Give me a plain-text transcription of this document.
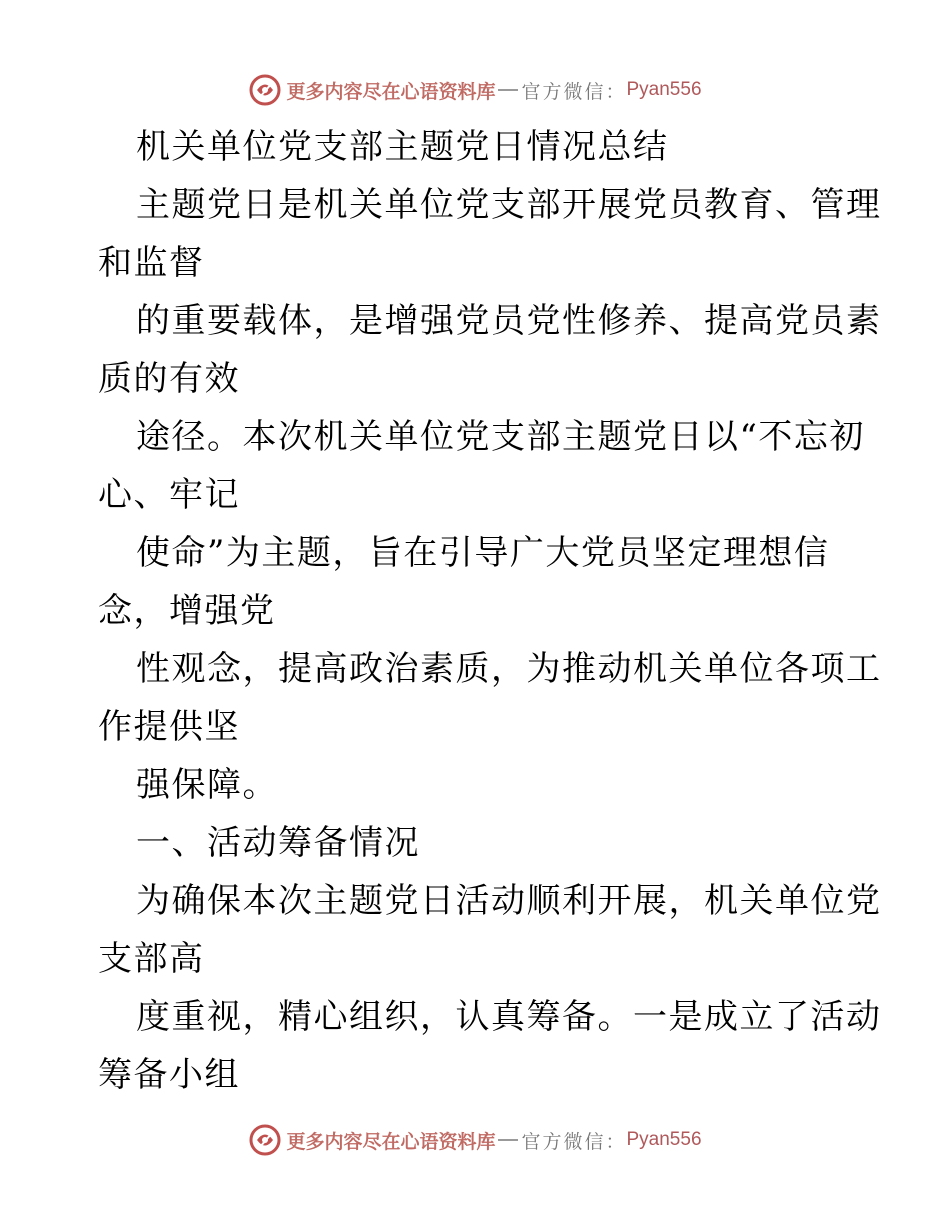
更多内容尽在心语资料库 官方微信： Pyan556
机关单位党支部主题党日情况总结
主题党日是机关单位党支部开展党员教育、管理
和监督
的重要载体，是增强党员党性修养、提高党员素
质的有效
途径。本次机关单位党支部主题党日以“不忘初
心、牢记
使命”为主题，旨在引导广大党员坚定理想信
念，增强党
性观念，提高政治素质，为推动机关单位各项工
作提供坚
强保障。
一、活动筹备情况
为确保本次主题党日活动顺利开展，机关单位党
支部高
度重视，精心组织，认真筹备。一是成立了活动
筹备小组
更多内容尽在心语资料库 官方微信： Pyan556
